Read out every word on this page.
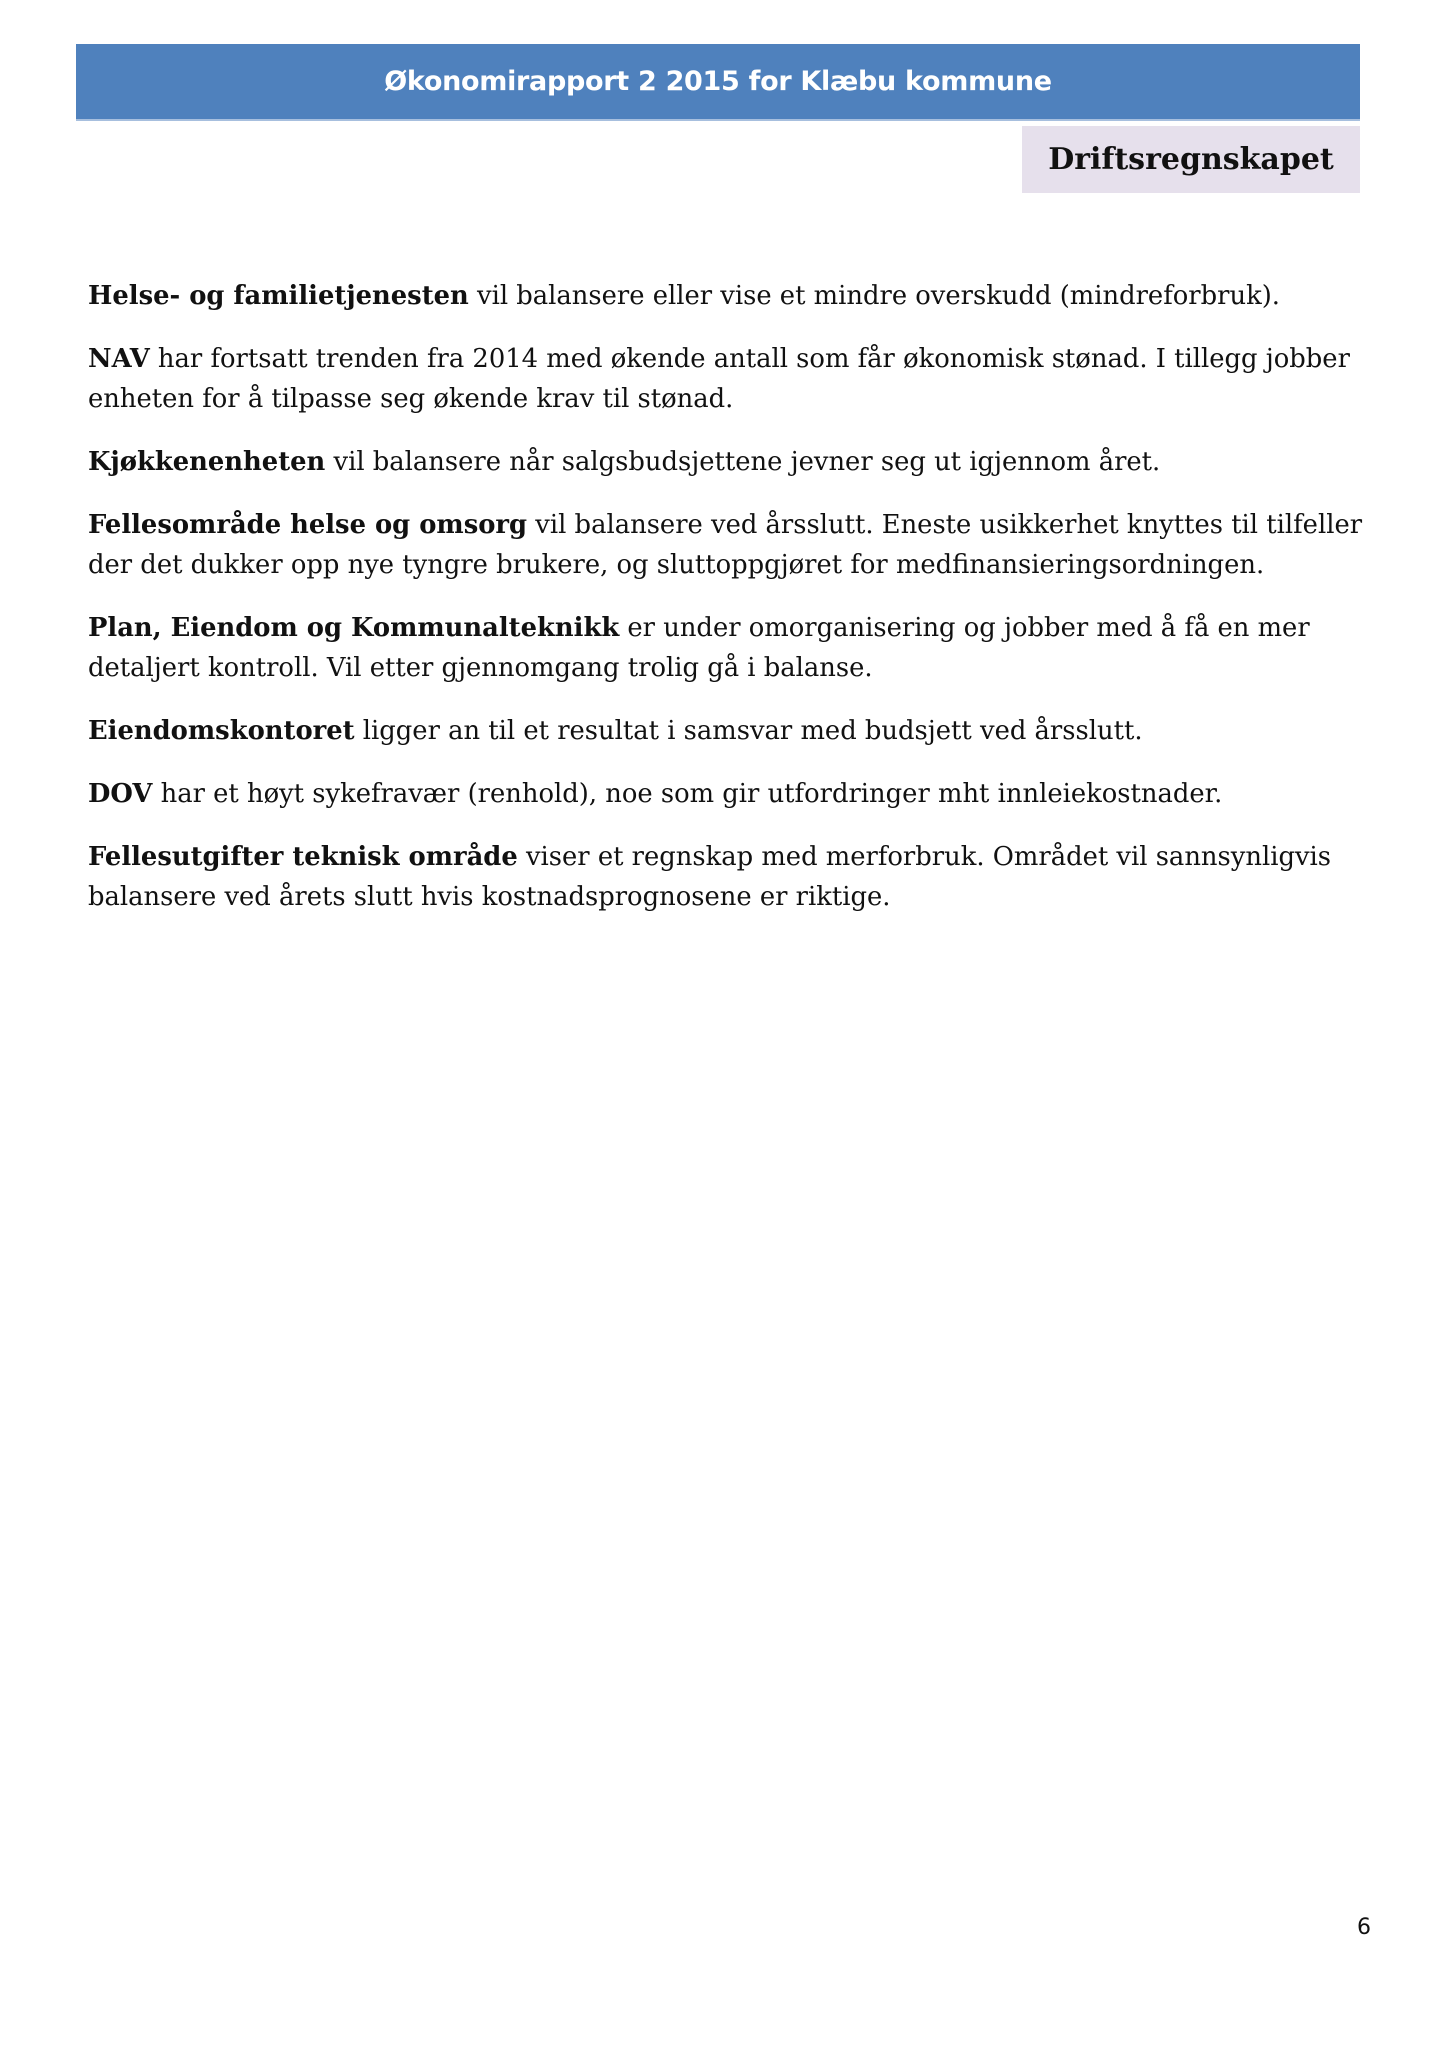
Økonomirapport 2 2015 for Klæbu kommune
Driftsregnskapet

Helse- og familietjenesten vil balansere eller vise et mindre overskudd (mindreforbruk).

NAV har fortsatt trenden fra 2014 med økende antall som får økonomisk stønad. I tillegg jobber enheten for å tilpasse seg økende krav til stønad.

Kjøkkenenheten vil balansere når salgsbudsjettene jevner seg ut igjennom året.

Fellesområde helse og omsorg vil balansere ved årsslutt. Eneste usikkerhet knyttes til tilfeller der det dukker opp nye tyngre brukere, og sluttoppgjøret for medfinansieringsordningen.

Plan, Eiendom og Kommunalteknikk er under omorganisering og jobber med å få en mer detaljert kontroll. Vil etter gjennomgang trolig gå i balanse.

Eiendomskontoret ligger an til et resultat i samsvar med budsjett ved årsslutt.

DOV har et høyt sykefravær (renhold), noe som gir utfordringer mht innleiekostnader.

Fellesutgifter teknisk område viser et regnskap med merforbruk. Området vil sannsynligvis balansere ved årets slutt hvis kostnadsprognosene er riktige.

6
